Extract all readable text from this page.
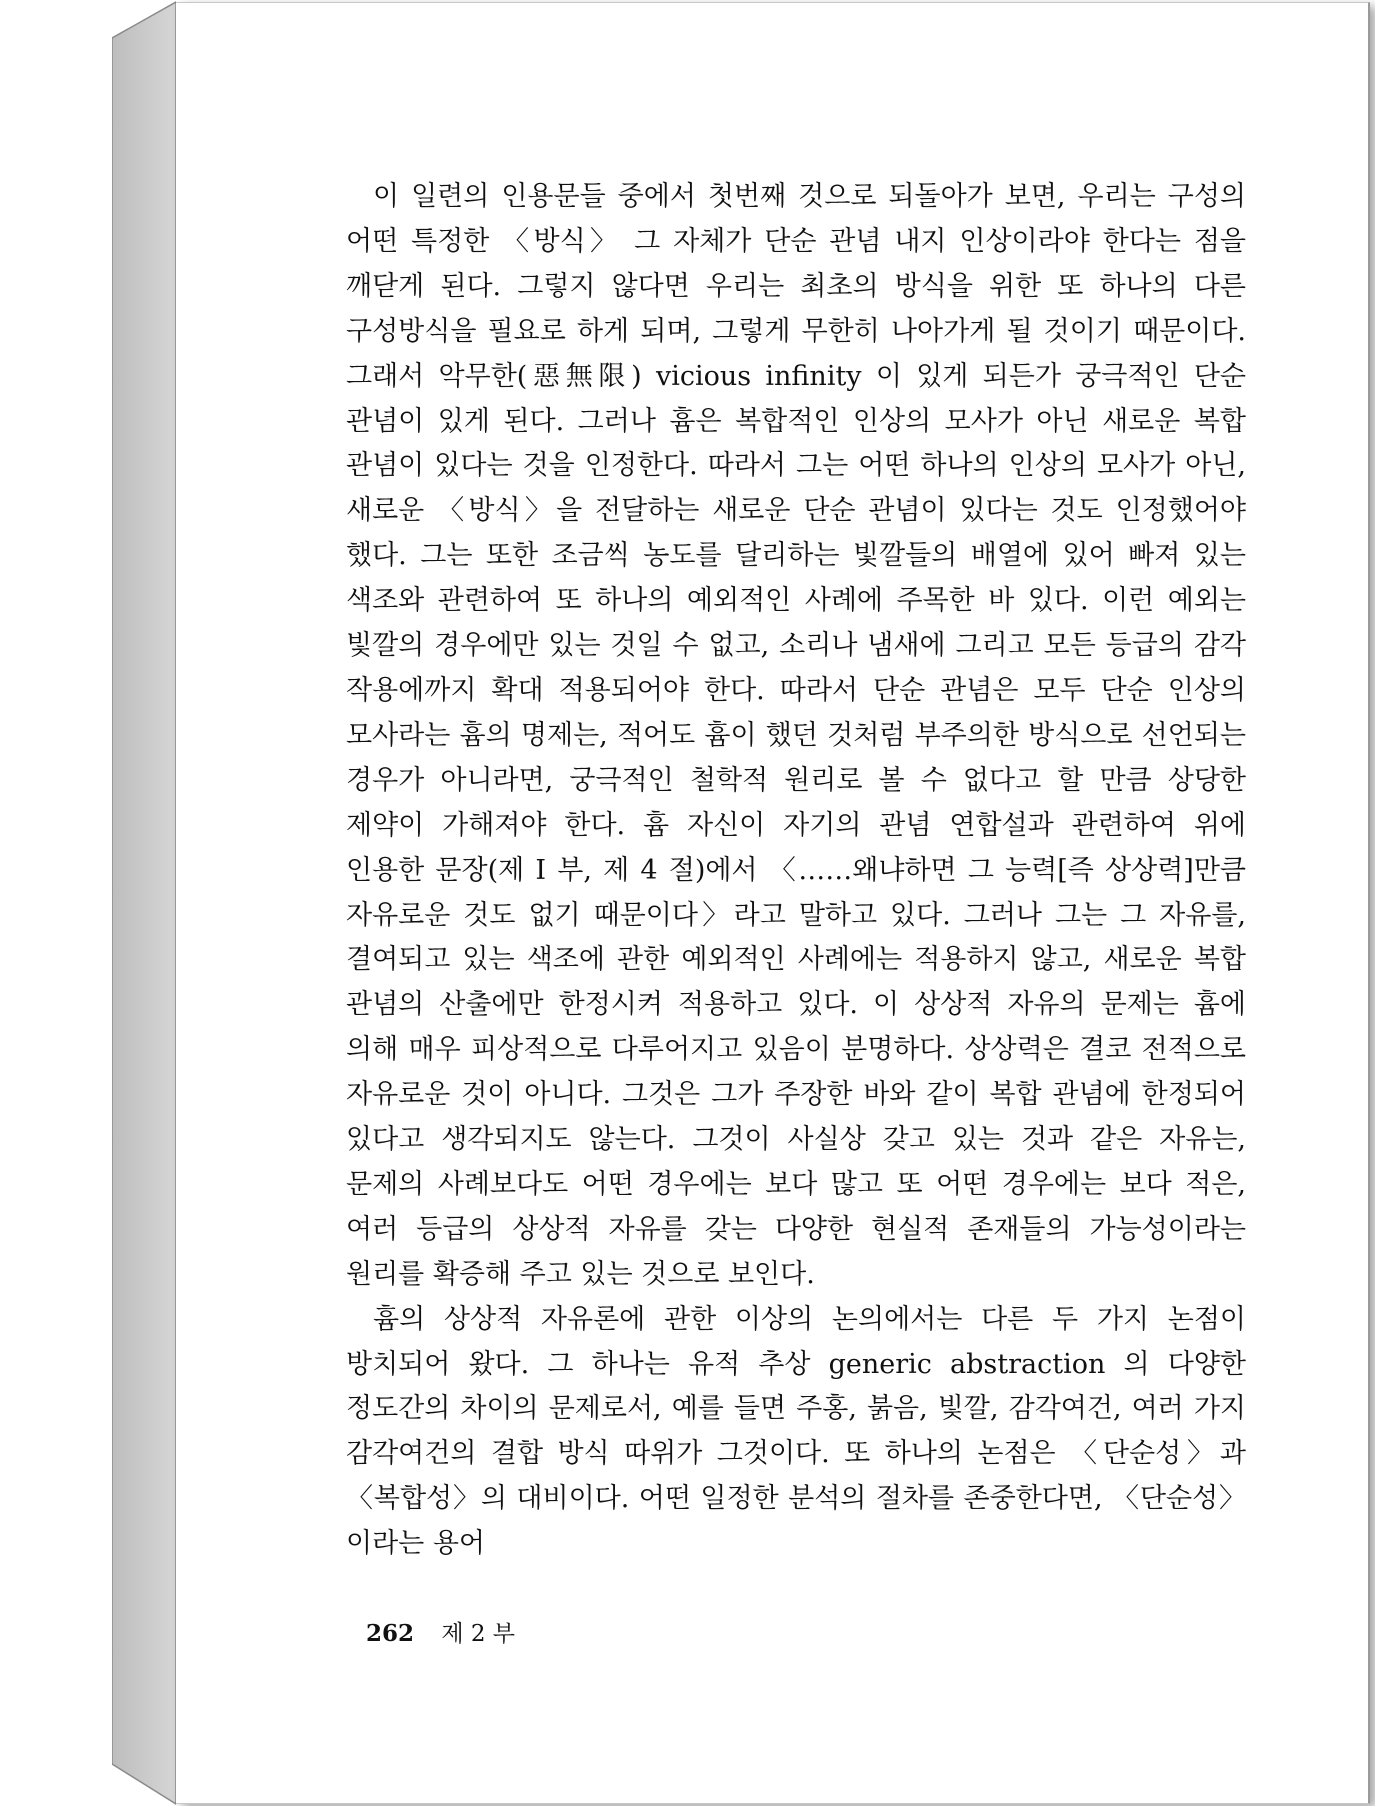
이 일련의 인용문들 중에서 첫번째 것으로 되돌아가 보면, 우리는 구성의 어떤 특정한 〈방식〉 그 자체가 단순 관념 내지 인상이라야 한다는 점을 깨닫게 된다. 그렇지 않다면 우리는 최초의 방식을 위한 또 하나의 다른 구성방식을 필요로 하게 되며, 그렇게 무한히 나아가게 될 것이기 때문이다. 그래서 악무한(惡無限) vicious infinity 이 있게 되든가 궁극적인 단순 관념이 있게 된다. 그러나 흄은 복합적인 인상의 모사가 아닌 새로운 복합 관념이 있다는 것을 인정한다. 따라서 그는 어떤 하나의 인상의 모사가 아닌, 새로운 〈방식〉을 전달하는 새로운 단순 관념이 있다는 것도 인정했어야 했다. 그는 또한 조금씩 농도를 달리하는 빛깔들의 배열에 있어 빠져 있는 색조와 관련하여 또 하나의 예외적인 사례에 주목한 바 있다. 이런 예외는 빛깔의 경우에만 있는 것일 수 없고, 소리나 냄새에 그리고 모든 등급의 감각 작용에까지 확대 적용되어야 한다. 따라서 단순 관념은 모두 단순 인상의 모사라는 흄의 명제는, 적어도 흄이 했던 것처럼 부주의한 방식으로 선언되는 경우가 아니라면, 궁극적인 철학적 원리로 볼 수 없다고 할 만큼 상당한 제약이 가해져야 한다. 흄 자신이 자기의 관념 연합설과 관련하여 위에 인용한 문장(제 I 부, 제 4 절)에서 〈……왜냐하면 그 능력[즉 상상력]만큼 자유로운 것도 없기 때문이다〉라고 말하고 있다. 그러나 그는 그 자유를, 결여되고 있는 색조에 관한 예외적인 사례에는 적용하지 않고, 새로운 복합 관념의 산출에만 한정시켜 적용하고 있다. 이 상상적 자유의 문제는 흄에 의해 매우 피상적으로 다루어지고 있음이 분명하다. 상상력은 결코 전적으로 자유로운 것이 아니다. 그것은 그가 주장한 바와 같이 복합 관념에 한정되어 있다고 생각되지도 않는다. 그것이 사실상 갖고 있는 것과 같은 자유는, 문제의 사례보다도 어떤 경우에는 보다 많고 또 어떤 경우에는 보다 적은, 여러 등급의 상상적 자유를 갖는 다양한 현실적 존재들의 가능성이라는 원리를 확증해 주고 있는 것으로 보인다.

흄의 상상적 자유론에 관한 이상의 논의에서는 다른 두 가지 논점이 방치되어 왔다. 그 하나는 유적 추상 generic abstraction 의 다양한 정도간의 차이의 문제로서, 예를 들면 주홍, 붉음, 빛깔, 감각여건, 여러 가지 감각여건의 결합 방식 따위가 그것이다. 또 하나의 논점은 〈단순성〉과 〈복합성〉의 대비이다. 어떤 일정한 분석의 절차를 존중한다면, 〈단순성〉이라는 용어

262 제 2 부
